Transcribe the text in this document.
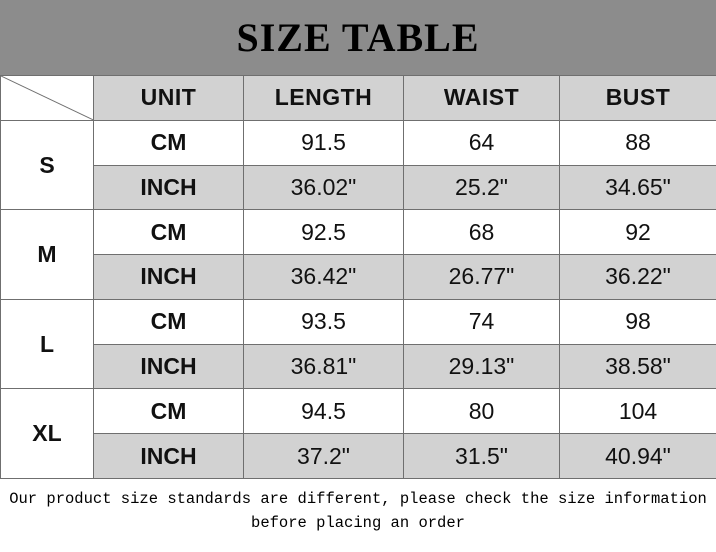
SIZE TABLE
	UNIT	LENGTH	WAIST	BUST
S	CM	91.5	64	88
	INCH	36.02"	25.2"	34.65"
M	CM	92.5	68	92
	INCH	36.42"	26.77"	36.22"
L	CM	93.5	74	98
	INCH	36.81"	29.13"	38.58"
XL	CM	94.5	80	104
	INCH	37.2"	31.5"	40.94"
Our product size standards are different, please check the size information
before placing an order
